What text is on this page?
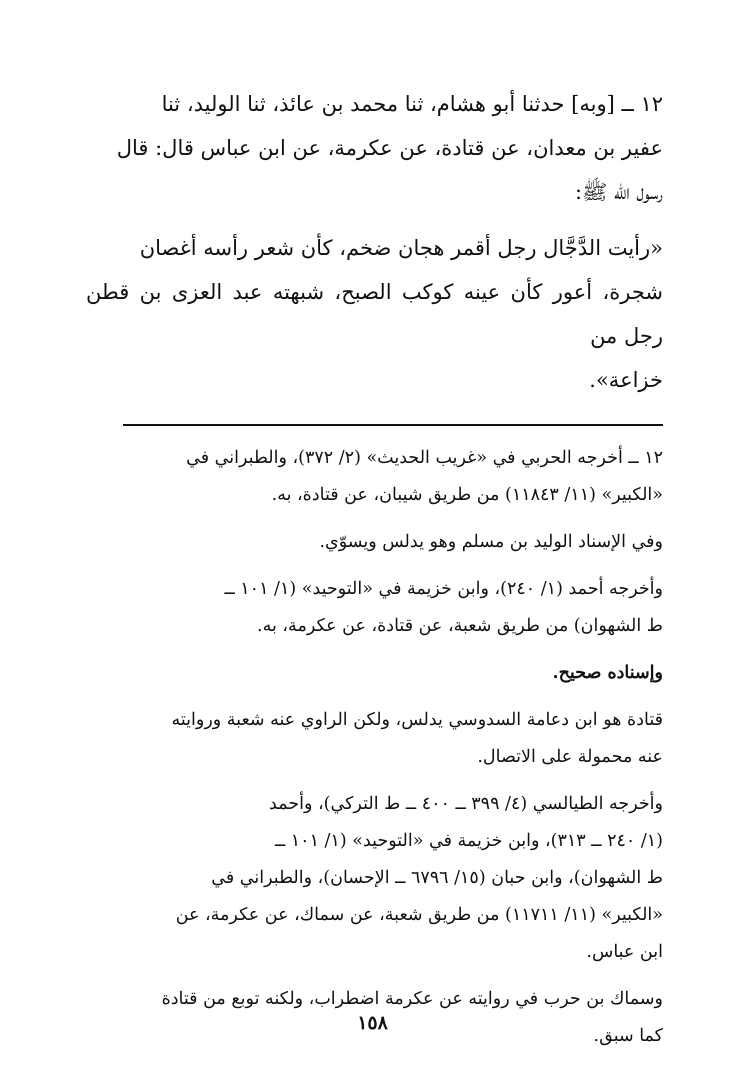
١٢ ــ [وبه] حدثنا أبو هشام، ثنا محمد بن عائذ، ثنا الوليد، ثنا
عفير بن معدان، عن قتادة، عن عكرمة، عن ابن عباس قال: قال
رسول الله ﷺ:

«رأيت الدَّجَّال رجل أقمر هجان ضخم، كأن شعر رأسه أغصان
شجرة، أعور كأن عينه كوكب الصبح، شبهته عبد العزى بن قطن رجل من
خزاعة».

١٢ ــ أخرجه الحربي في «غريب الحديث» (٢/ ٣٧٢)، والطبراني في
«الكبير» (١١/ ١١٨٤٣) من طريق شيبان، عن قتادة، به.

وفي الإسناد الوليد بن مسلم وهو يدلس ويسوّي.

وأخرجه أحمد (١/ ٢٤٠)، وابن خزيمة في «التوحيد» (١/ ١٠١ ــ
ط الشهوان) من طريق شعبة، عن قتادة، عن عكرمة، به.

وإسناده صحيح.

قتادة هو ابن دعامة السدوسي يدلس، ولكن الراوي عنه شعبة وروايته
عنه محمولة على الاتصال.

وأخرجه الطيالسي (٤/ ٣٩٩ ــ ٤٠٠ ــ ط التركي)، وأحمد
(١/ ٢٤٠ ــ ٣١٣)، وابن خزيمة في «التوحيد» (١/ ١٠١ ــ
ط الشهوان)، وابن حبان (١٥/ ٦٧٩٦ ــ الإحسان)، والطبراني في
«الكبير» (١١/ ١١٧١١) من طريق شعبة، عن سماك، عن عكرمة، عن
ابن عباس.

وسماك بن حرب في روايته عن عكرمة اضطراب، ولكنه توبع من قتادة
كما سبق.

١٥٨
